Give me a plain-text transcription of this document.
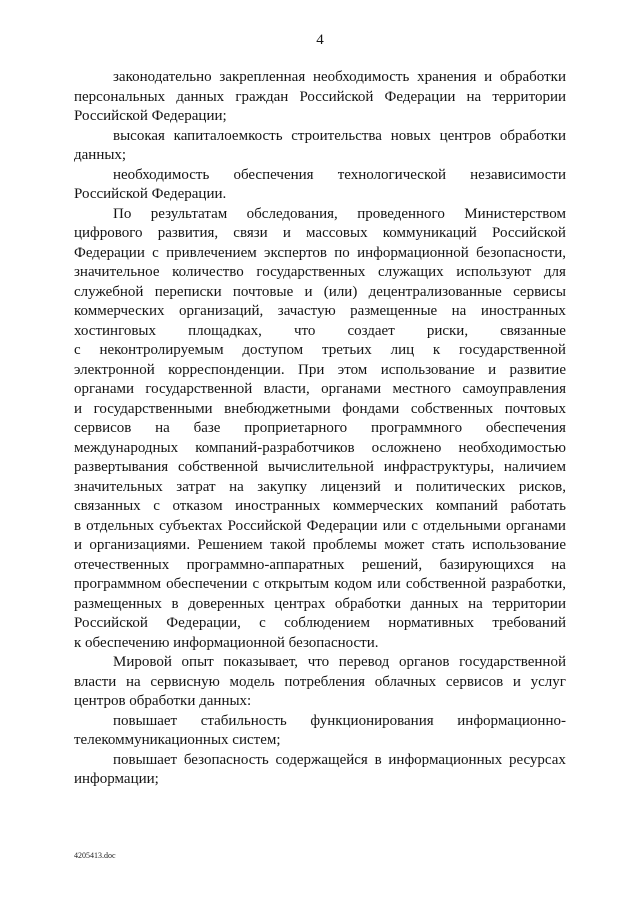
4
законодательно закрепленная необходимость хранения и обработки
персональных данных граждан Российской Федерации на территории
Российской Федерации;
высокая капиталоемкость строительства новых центров обработки
данных;
необходимость обеспечения технологической независимости
Российской Федерации.
По результатам обследования, проведенного Министерством
цифрового развития, связи и массовых коммуникаций Российской
Федерации с привлечением экспертов по информационной безопасности,
значительное количество государственных служащих используют для
служебной переписки почтовые и (или) децентрализованные сервисы
коммерческих организаций, зачастую размещенные на иностранных
хостинговых площадках, что создает риски, связанные
с неконтролируемым доступом третьих лиц к государственной
электронной корреспонденции. При этом использование и развитие
органами государственной власти, органами местного самоуправления
и государственными внебюджетными фондами собственных почтовых
сервисов на базе проприетарного программного обеспечения
международных компаний-разработчиков осложнено необходимостью
развертывания собственной вычислительной инфраструктуры, наличием
значительных затрат на закупку лицензий и политических рисков,
связанных с отказом иностранных коммерческих компаний работать
в отдельных субъектах Российской Федерации или с отдельными органами
и организациями. Решением такой проблемы может стать использование
отечественных программно-аппаратных решений, базирующихся на
программном обеспечении с открытым кодом или собственной разработки,
размещенных в доверенных центрах обработки данных на территории
Российской Федерации, с соблюдением нормативных требований
к обеспечению информационной безопасности.
Мировой опыт показывает, что перевод органов государственной
власти на сервисную модель потребления облачных сервисов и услуг
центров обработки данных:
повышает стабильность функционирования информационно-
телекоммуникационных систем;
повышает безопасность содержащейся в информационных ресурсах
информации;
4205413.doc
